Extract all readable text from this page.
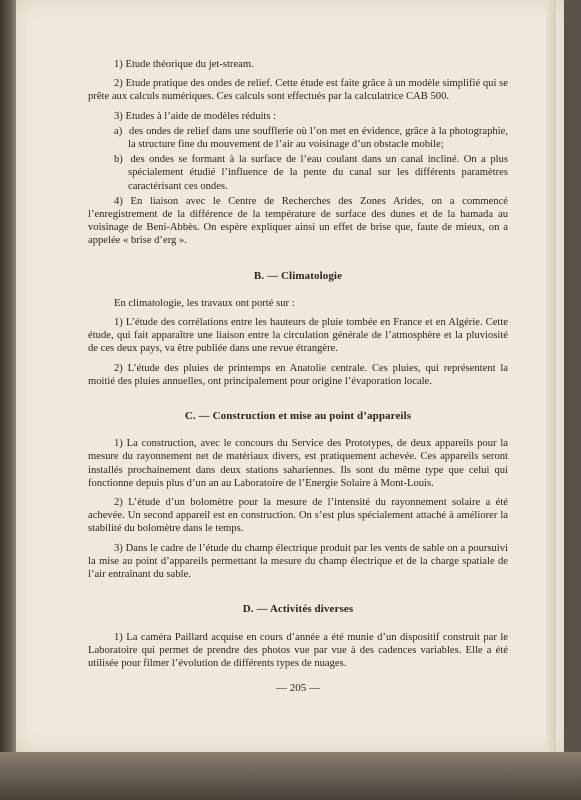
1) Etude théorique du jet-stream.

2) Etude pratique des ondes de relief. Cette étude est faite grâce à un modèle simplifié qui se prête aux calculs numériques. Ces calculs sont effectués par la calculatrice CAB 500.

3) Etudes à l’aide de modèles réduits :

a) des ondes de relief dans une soufflerie où l’on met en évidence, grâce à la photographie, la structure fine du mouvement de l’air au voisinage d’un obstacle mobile;

b) des ondes se formant à la surface de l’eau coulant dans un canal incliné. On a plus spécialement étudié l’influence de la pente du canal sur les différents paramètres caractérisant ces ondes.

4) En liaison avec le Centre de Recherches des Zones Arides, on a commencé l’enregistrement de la différence de la température de surface des dunes et de la hamada au voisinage de Beni-Abbès. On espère expliquer ainsi un effet de brise que, faute de mieux, on a appelée « brise d’erg ».

B. — Climatologie

En climatologie, les travaux ont porté sur :

1) L’étude des corrélations entre les hauteurs de pluie tombée en France et en Algérie. Cette étude, qui fait apparaître une liaison entre la circulation générale de l’atmosphère et la pluviosité de ces deux pays, va être publiée dans une revue étrangère.

2) L’étude des pluies de printemps en Anatolie centrale. Ces pluies, qui représentent la moitié des pluies annuelles, ont principalement pour origine l’évaporation locale.

C. — Construction et mise au point d’appareils

1) La construction, avec le concours du Service des Prototypes, de deux appareils pour la mesure du rayonnement net de matériaux divers, est pratiquement achevée. Ces appareils seront installés prochainement dans deux stations sahariennes. Ils sont du même type que celui qui fonctionne depuis plus d’un an au Laboratoire de l’Energie Solaire à Mont-Louis.

2) L’étude d’un bolomètre pour la mesure de l’intensité du rayonnement solaire a été achevée. Un second appareil est en construction. On s’est plus spécialement attaché à améliorer la stabilité du bolomètre dans le temps.

3) Dans le cadre de l’étude du champ électrique produit par les vents de sable on a poursuivi la mise au point d’appareils permettant la mesure du champ électrique et de la charge spatiale de l’air entraînant du sable.

D. — Activités diverses

1) La caméra Paillard acquise en cours d’année a été munie d’un dispositif construit par le Laboratoire qui permet de prendre des photos vue par vue à des cadences variables. Elle a été utilisée pour filmer l’évolution de différents types de nuages.

— 205 —
